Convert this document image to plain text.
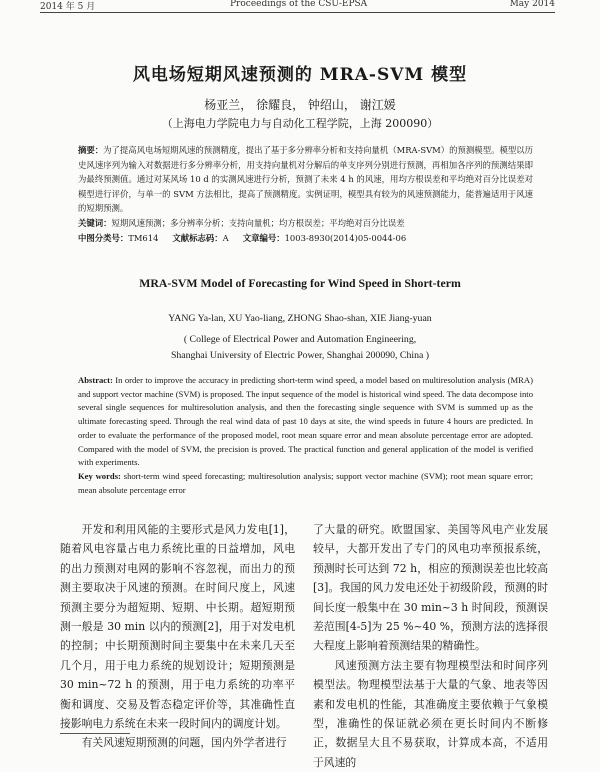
2014 年 5 月	Proceedings of the CSU-EPSA	May 2014
风电场短期风速预测的 MRA-SVM 模型
杨亚兰， 徐耀良， 钟绍山， 谢江媛
（上海电力学院电力与自动化工程学院，上海 200090）
摘要：为了提高风电场短期风速的预测精度，提出了基于多分辨率分析和支持向量机（MRA-SVM）的预测模型。模型以历史风速序列为输入对数据进行多分辨率分析，用支持向量机对分解后的单支序列分别进行预测，再相加各序列的预测结果即为最终预测值。通过对某风场 10 d 的实测风速进行分析，预测了未来 4 h 的风速，用均方根误差和平均绝对百分比误差对模型进行评价，与单一的 SVM 方法相比，提高了预测精度。实例证明，模型具有较为的风速预测能力，能普遍适用于风速的短期预测。
关键词：短期风速预测；多分辨率分析；支持向量机；均方根误差；平均绝对百分比误差
中图分类号：TM614 文献标志码：A 文章编号：1003-8930(2014)05-0044-06
MRA-SVM Model of Forecasting for Wind Speed in Short-term
YANG Ya-lan, XU Yao-liang, ZHONG Shao-shan, XIE Jiang-yuan
( College of Electrical Power and Automation Engineering,
Shanghai University of Electric Power, Shanghai 200090, China )
Abstract: In order to improve the accuracy in predicting short-term wind speed, a model based on multiresolution analysis (MRA) and support vector machine (SVM) is proposed. The input sequence of the model is historical wind speed. The data decompose into several single sequences for multiresolution analysis, and then the forecasting single sequence with SVM is summed up as the ultimate forecasting speed. Through the real wind data of past 10 days at site, the wind speeds in future 4 hours are predicted. In order to evaluate the performance of the proposed model, root mean square error and mean absolute percentage error are adopted. Compared with the model of SVM, the precision is proved. The practical function and general application of the model is verified with experiments.
Key words: short-term wind speed forecasting; multiresolution analysis; support vector machine (SVM); root mean square error; mean absolute percentage error

开发和利用风能的主要形式是风力发电[1]，随着风电容量占电力系统比重的日益增加，风电的出力预测对电网的影响不容忽视，而出力的预测主要取决于风速的预测。在时间尺度上，风速预测主要分为超短期、短期、中长期。超短期预测一般是 30 min 以内的预测[2]，用于对发电机的控制；中长期预测时间主要集中在未来几天至几个月，用于电力系统的规划设计；短期预测是 30 min~72 h 的预测，用于电力系统的功率平衡和调度、交易及暂态稳定评价等，其准确性直接影响电力系统在未来一段时间内的调度计划。

有关风速短期预测的问题，国内外学者进行

了大量的研究。欧盟国家、美国等风电产业发展较早，大都开发出了专门的风电功率预报系统，预测时长可达到 72 h，相应的预测误差也比较高[3]。我国的风力发电还处于初级阶段，预测的时间长度一般集中在 30 min~3 h 时间段，预测误差范围[4-5]为 25 %~40 %，预测方法的选择很大程度上影响着预测结果的精确性。

风速预测方法主要有物理模型法和时间序列模型法。物理模型法基于大量的气象、地表等因素和发电机的性能，其准确度主要依赖于气象模型，准确性的保证就必须在更长时间内不断修正，数据呈大且不易获取，计算成本高，不适用于风速的
